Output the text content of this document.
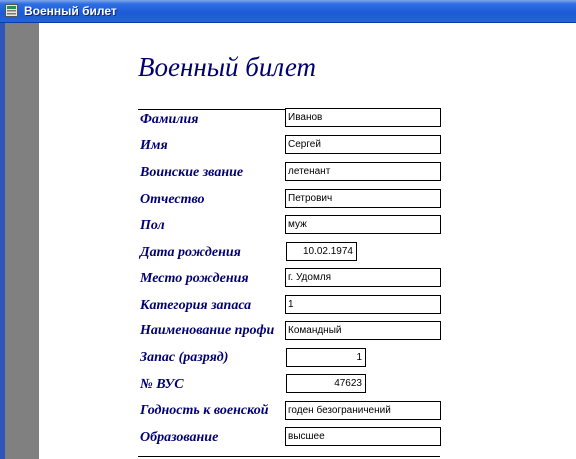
Военный билет
Военный билет
Фамилия	Иванов
Имя	Сергей
Воинские звание	летенант
Отчество	Петрович
Пол	муж
Дата рождения	10.02.1974
Место рождения	г. Удомля
Категория запаса	1
Наименование профи	Командный
Запас (разряд)	1
№ ВУС	47623
Годность к военской	годен безограничений
Образование	высшее
